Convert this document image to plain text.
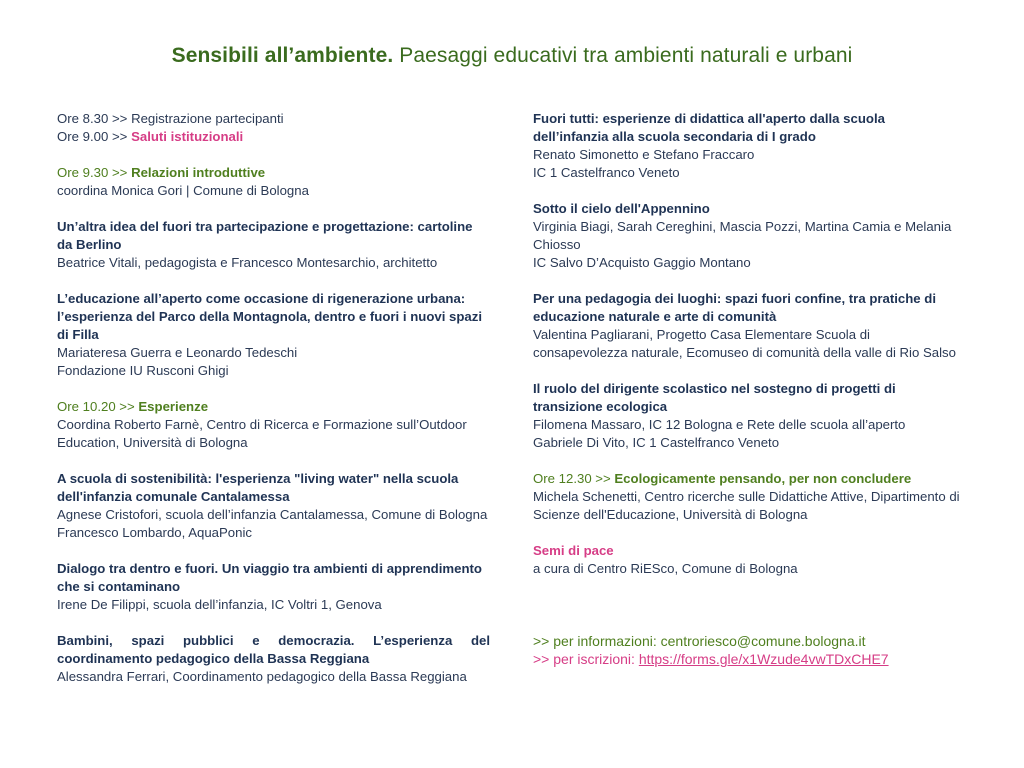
Sensibili all’ambiente. Paesaggi educativi tra ambienti naturali e urbani
Ore 8.30 >> Registrazione partecipanti
Ore 9.00 >> Saluti istituzionali
Ore 9.30 >> Relazioni introduttive
coordina Monica Gori | Comune di Bologna
Un’altra idea del fuori tra partecipazione e progettazione: cartoline da Berlino
Beatrice Vitali, pedagogista e Francesco Montesarchio, architetto
L’educazione all’aperto come occasione di rigenerazione urbana: l’esperienza del Parco della Montagnola, dentro e fuori i nuovi spazi di Filla
Mariateresa Guerra e Leonardo Tedeschi
Fondazione IU Rusconi Ghigi
Ore 10.20 >> Esperienze
Coordina Roberto Farnè, Centro di Ricerca e Formazione sull’Outdoor Education, Università di Bologna
A scuola di sostenibilità: l'esperienza "living water" nella scuola dell'infanzia comunale Cantalamessa
Agnese Cristofori, scuola dell’infanzia Cantalamessa, Comune di Bologna
Francesco Lombardo, AquaPonic
Dialogo tra dentro e fuori. Un viaggio tra ambienti di apprendimento che si contaminano
Irene De Filippi, scuola dell’infanzia, IC Voltri 1, Genova
Bambini, spazi pubblici e democrazia. L’esperienza del coordinamento pedagogico della Bassa Reggiana
Alessandra Ferrari, Coordinamento pedagogico della Bassa Reggiana
Fuori tutti: esperienze di didattica all'aperto dalla scuola dell’infanzia alla scuola secondaria di I grado
Renato Simonetto e Stefano Fraccaro
IC 1 Castelfranco Veneto
Sotto il cielo dell'Appennino
Virginia Biagi, Sarah Cereghini, Mascia Pozzi, Martina Camia e Melania Chiosso
IC Salvo D’Acquisto Gaggio Montano
Per una pedagogia dei luoghi: spazi fuori confine, tra pratiche di educazione naturale e arte di comunità
Valentina Pagliarani, Progetto Casa Elementare Scuola di consapevolezza naturale, Ecomuseo di comunità della valle di Rio Salso
Il ruolo del dirigente scolastico nel sostegno di progetti di transizione ecologica
Filomena Massaro, IC 12 Bologna e Rete delle scuola all’aperto
Gabriele Di Vito, IC 1 Castelfranco Veneto
Ore 12.30 >> Ecologicamente pensando, per non concludere
Michela Schenetti, Centro ricerche sulle Didattiche Attive, Dipartimento di Scienze dell'Educazione, Università di Bologna
Semi di pace
a cura di Centro RiESco, Comune di Bologna
>> per informazioni: centroriesco@comune.bologna.it
>> per iscrizioni: https://forms.gle/x1Wzude4vwTDxCHE7
